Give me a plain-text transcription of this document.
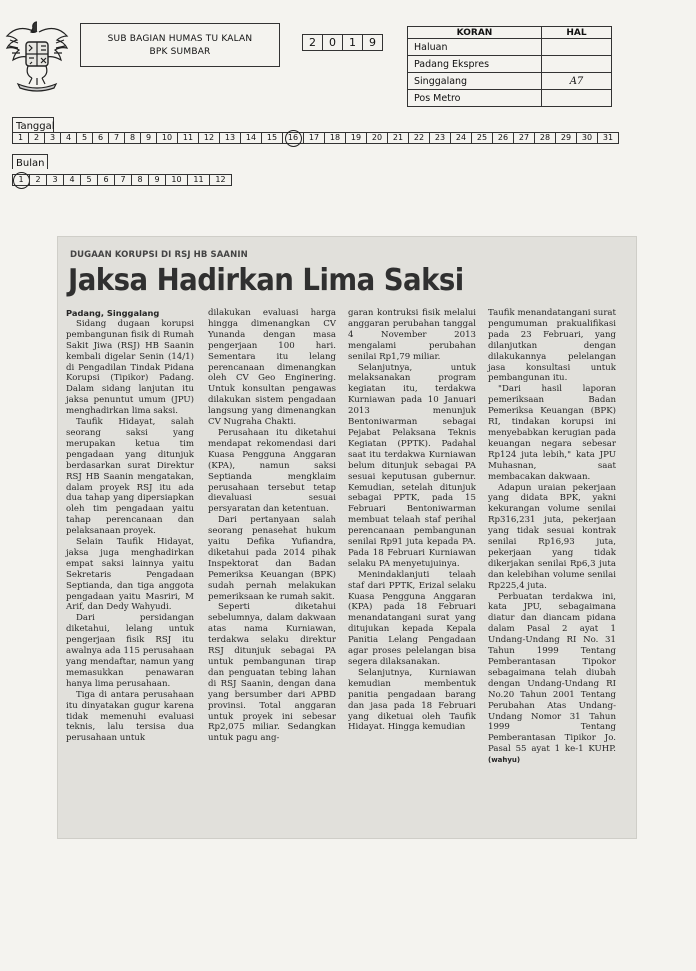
SUB BAGIAN HUMAS TU KALAN
BPK SUMBAR
2	0	1	9
KORAN	HAL
Haluan	
Padang Ekspres	
Singgalang	A7
Pos Metro	
Tanggal
1	2	3	4	5	6	7	8	9	10	11	12	13	14	15	16	17	18	19	20	21	22	23	24	25	26	27	28	29	30	31
Bulan
1	2	3	4	5	6	7	8	9	10	11	12
DUGAAN KORUPSI DI RSJ HB SAANIN
Jaksa Hadirkan Lima Saksi

Padang, Singgalang

Sidang dugaan korupsi pembangunan fisik di Rumah Sakit Jiwa (RSJ) HB Saanin kembali digelar Senin (14/1) di Pengadilan Tindak Pidana Korupsi (Tipikor) Padang. Dalam sidang lanjutan itu jaksa penuntut umum (JPU) menghadirkan lima saksi.

Taufik Hidayat, salah seorang saksi yang merupakan ketua tim pengadaan yang ditunjuk berdasarkan surat Direktur RSJ HB Saanin mengatakan, dalam proyek RSJ itu ada dua tahap yang dipersiapkan oleh tim pengadaan yaitu tahap perencanaan dan pelaksanaan proyek.

Selain Taufik Hidayat, jaksa juga menghadirkan empat saksi lainnya yaitu Sekretaris Pengadaan Septianda, dan tiga anggota pengadaan yaitu Masriri, M Arif, dan Dedy Wahyudi.

Dari persidangan diketahui, lelang untuk pengerjaan fisik RSJ itu awalnya ada 115 perusahaan yang mendaftar, namun yang memasukkan penawaran hanya lima perusahaan.

Tiga di antara perusahaan itu dinyatakan gugur karena tidak memenuhi evaluasi teknis, lalu tersisa dua perusahaan untuk

dilakukan evaluasi harga hingga dimenangkan CV Yunanda dengan masa pengerjaan 100 hari. Sementara itu lelang perencanaan dimenangkan oleh CV Geo Enginering. Untuk konsultan pengawas dilakukan sistem pengadaan langsung yang dimenangkan CV Nugraha Chakti.

Perusahaan itu diketahui mendapat rekomendasi dari Kuasa Pengguna Anggaran (KPA), namun saksi Septianda mengklaim perusahaan tersebut tetap dievaluasi sesuai persyaratan dan ketentuan.

Dari pertanyaan salah seorang penasehat hukum yaitu Defika Yufiandra, diketahui pada 2014 pihak Inspektorat dan Badan Pemeriksa Keuangan (BPK) sudah pernah melakukan pemeriksaan ke rumah sakit.

Seperti diketahui sebelumnya, dalam dakwaan atas nama Kurniawan, terdakwa selaku direktur RSJ ditunjuk sebagai PA untuk pembangunan tirap dan penguatan tebing lahan di RSJ Saanin, dengan dana yang bersumber dari APBD provinsi. Total anggaran untuk proyek ini sebesar Rp2,075 miliar. Sedangkan untuk pagu ang-

garan kontruksi fisik melalui anggaran perubahan tanggal 4 November 2013 mengalami perubahan senilai Rp1,79 miliar.

Selanjutnya, untuk melaksanakan program kegiatan itu, terdakwa Kurniawan pada 10 Januari 2013 menunjuk Bentoniwarman sebagai Pejabat Pelaksana Teknis Kegiatan (PPTK). Padahal saat itu terdakwa Kurniawan belum ditunjuk sebagai PA sesuai keputusan gubernur. Kemudian, setelah ditunjuk sebagai PPTK, pada 15 Februari Bentoniwarman membuat telaah staf perihal perencanaan pembangunan senilai Rp91 juta kepada PA. Pada 18 Februari Kurniawan selaku PA menyetujuinya.

Menindaklanjuti telaah staf dari PPTK, Erizal selaku Kuasa Pengguna Anggaran (KPA) pada 18 Februari menandatangani surat yang ditujukan kepada Kepala Panitia Lelang Pengadaan agar proses pelelangan bisa segera dilaksanakan.

Selanjutnya, Kurniawan kemudian membentuk panitia pengadaan barang dan jasa pada 18 Februari yang diketuai oleh Taufik Hidayat. Hingga kemudian

Taufik menandatangani surat pengumuman prakualifikasi pada 23 Februari, yang dilanjutkan dengan dilakukannya pelelangan jasa konsultasi untuk pembangunan itu.

"Dari hasil laporan pemeriksaan Badan Pemeriksa Keuangan (BPK) RI, tindakan korupsi ini menyebabkan kerugian pada keuangan negara sebesar Rp124 juta lebih," kata JPU Muhasnan, saat membacakan dakwaan.

Adapun uraian pekerjaan yang didata BPK, yakni kekurangan volume senilai Rp316,231 juta, pekerjaan yang tidak sesuai kontrak senilai Rp16,93 juta, pekerjaan yang tidak dikerjakan senilai Rp6,3 juta dan kelebihan volume senilai Rp225,4 juta.

Perbuatan terdakwa ini, kata JPU, sebagaimana diatur dan diancam pidana dalam Pasal 2 ayat 1 Undang-Undang RI No. 31 Tahun 1999 Tentang Pemberantasan Tipokor sebagaimana telah diubah dengan Undang-Undang RI No.20 Tahun 2001 Tentang Perubahan Atas Undang-Undang Nomor 31 Tahun 1999 Tentang Pemberantasan Tipikor Jo. Pasal 55 ayat 1 ke-1 KUHP. (wahyu)
